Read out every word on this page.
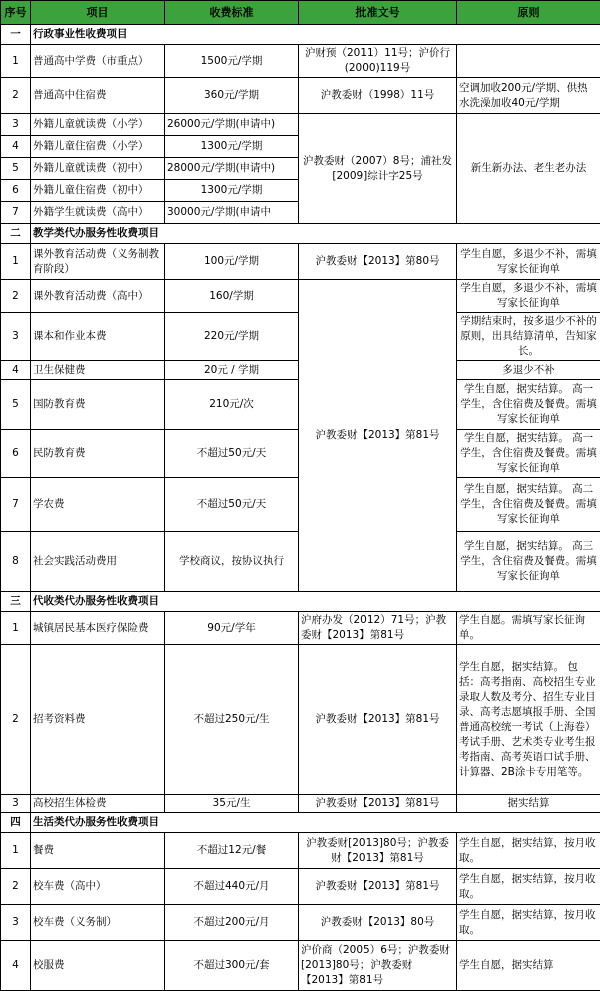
序号	项目	收费标准	批准文号	原则
一	行政事业性收费项目			
1	普通高中学费（市重点）	1500元/学期	沪财预（2011）11号；沪价行(2000)119号	
2	普通高中住宿费	360元/学期	沪教委财（1998）11号	空调加收200元/学期、供热水洗澡加收40元/学期
3	外籍儿童就读费（小学）	26000元/学期(申请中)	沪教委财（2007）8号；浦社发[2009]综计字25号	新生新办法、老生老办法
4	外籍儿童住宿费（小学）	1300元/学期		
5	外籍儿童就读费（初中）	28000元/学期(申请中)		
6	外籍儿童住宿费（初中）	1300元/学期		
7	外籍学生就读费（高中）	30000元/学期(申请中		
二	教学类代办服务性收费项目			
1	课外教育活动费（义务制教育阶段）	100元/学期	沪教委财【2013】第80号	学生自愿，多退少不补，需填写家长征询单
2	课外教育活动费（高中）	160/学期	沪教委财【2013】第81号	学生自愿，多退少不补，需填写家长征询单
3	课本和作业本费	220元/学期		学期结束时，按多退少不补的原则，出具结算清单，告知家长。
4	卫生保健费	20元 / 学期		多退少不补
5	国防教育费	210元/次		学生自愿，据实结算。 高一学生，含住宿费及餐费。需填写家长征询单
6	民防教育费	不超过50元/天		学生自愿，据实结算。 高一学生，含住宿费及餐费。需填写家长征询单
7	学农费	不超过50元/天		学生自愿，据实结算。 高二学生，含住宿费及餐费。需填写家长征询单
8	社会实践活动费用	学校商议，按协议执行		学生自愿，据实结算。 高三学生，含住宿费及餐费。需填写家长征询单
三	代收类代办服务性收费项目			
1	城镇居民基本医疗保险费	90元/学年	沪府办发（2012）71号；沪教委财【2013】第81号	学生自愿。需填写家长征询单。
2	招考资料费	不超过250元/生	沪教委财【2013】第81号	学生自愿，据实结算。 包括：高考指南、高校招生专业录取人数及考分、招生专业目录、高考志愿填报手册、全国普通高校统一考试（上海卷）考试手册、艺术类专业考生报考指南、高考英语口试手册、计算器、2B涂卡专用笔等。
3	高校招生体检费	35元/生	沪教委财【2013】第81号	据实结算
四	生活类代办服务性收费项目			
1	餐费	不超过12元/餐	沪教委财[2013]80号；沪教委财【2013】第81号	学生自愿，据实结算，按月收取。
2	校车费（高中）	不超过440元/月	沪教委财【2013】第81号	学生自愿，据实结算，按月收取。
3	校车费（义务制）	不超过200元/月	沪教委财【2013】80号	学生自愿，据实结算，按月收取。
4	校服费	不超过300元/套	沪价商（2005）6号；沪教委财[2013]80号；沪教委财【2013】第81号	学生自愿，据实结算
